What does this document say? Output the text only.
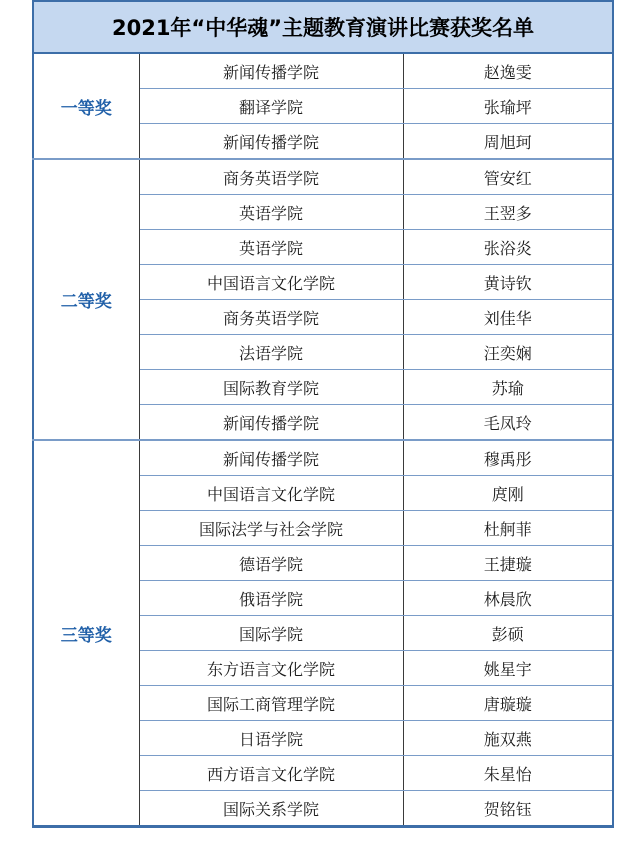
2021年“中华魂”主题教育演讲比赛获奖名单		
一等奖	新闻传播学院	赵逸雯
	翻译学院	张瑜坪
	新闻传播学院	周旭珂
二等奖	商务英语学院	管安红
	英语学院	王翌多
	英语学院	张浴炎
	中国语言文化学院	黄诗钦
	商务英语学院	刘佳华
	法语学院	汪奕娴
	国际教育学院	苏瑜
	新闻传播学院	毛凤玲
三等奖	新闻传播学院	穆禹彤
	中国语言文化学院	庹刚
	国际法学与社会学院	杜舸菲
	德语学院	王捷璇
	俄语学院	林晨欣
	国际学院	彭硕
	东方语言文化学院	姚星宇
	国际工商管理学院	唐璇璇
	日语学院	施双燕
	西方语言文化学院	朱星怡
	国际关系学院	贺铭钰
